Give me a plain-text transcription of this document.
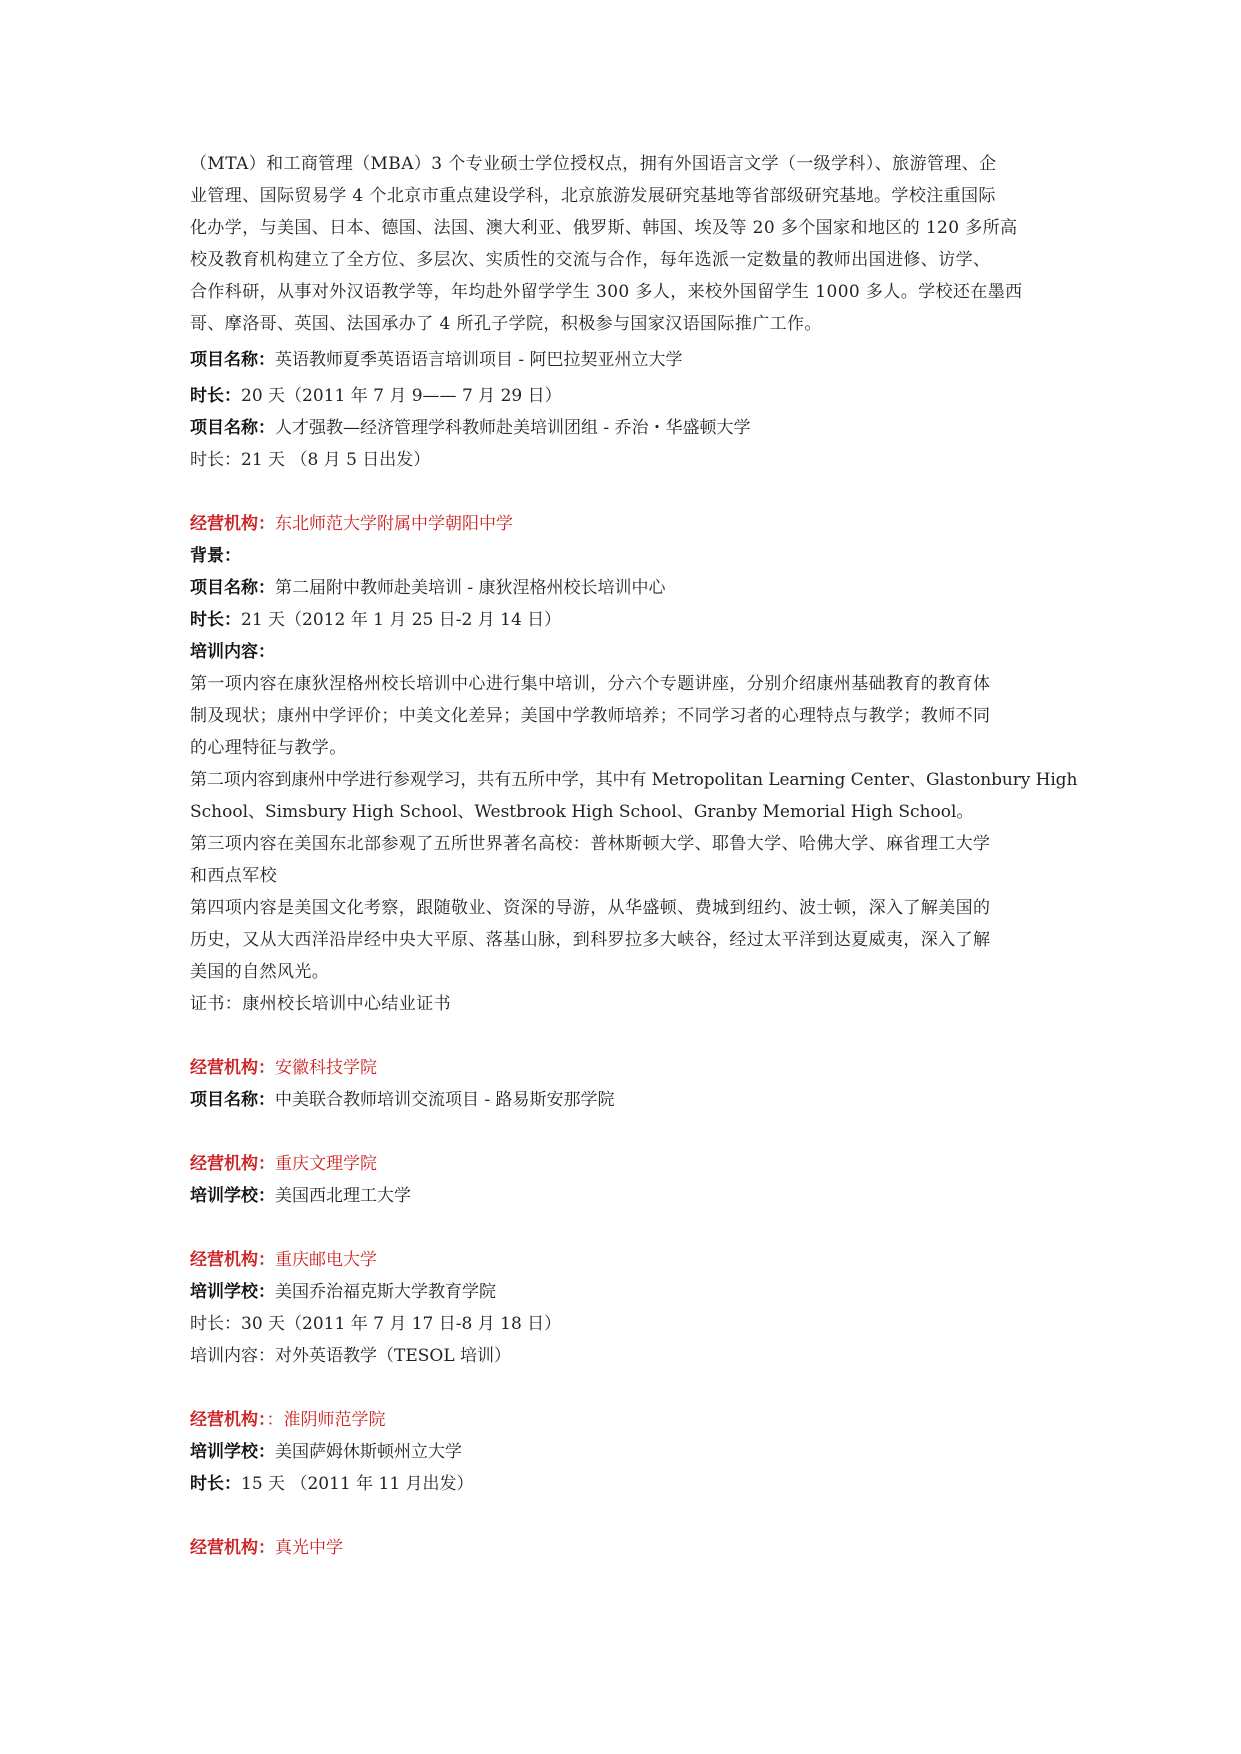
（MTA）和工商管理（MBA）3 个专业硕士学位授权点，拥有外国语言文学（一级学科）、旅游管理、企
业管理、国际贸易学 4 个北京市重点建设学科，北京旅游发展研究基地等省部级研究基地。学校注重国际
化办学，与美国、日本、德国、法国、澳大利亚、俄罗斯、韩国、埃及等 20 多个国家和地区的 120 多所高
校及教育机构建立了全方位、多层次、实质性的交流与合作，每年选派一定数量的教师出国进修、访学、
合作科研，从事对外汉语教学等，年均赴外留学学生 300 多人，来校外国留学生 1000 多人。学校还在墨西
哥、摩洛哥、英国、法国承办了 4 所孔子学院，积极参与国家汉语国际推广工作。
项目名称：英语教师夏季英语语言培训项目 - 阿巴拉契亚州立大学
时长：20 天（2011 年 7 月 9—— 7 月 29 日）
项目名称：人才强教—经济管理学科教师赴美培训团组 - 乔治・华盛顿大学
时长：21 天 （8 月 5 日出发）
经营机构：东北师范大学附属中学朝阳中学
背景：
项目名称：第二届附中教师赴美培训 - 康狄涅格州校长培训中心
时长：21 天（2012 年 1 月 25 日-2 月 14 日）
培训内容：
第一项内容在康狄涅格州校长培训中心进行集中培训，分六个专题讲座，分别介绍康州基础教育的教育体
制及现状；康州中学评价；中美文化差异；美国中学教师培养；不同学习者的心理特点与教学；教师不同
的心理特征与教学。
第二项内容到康州中学进行参观学习，共有五所中学，其中有 Metropolitan Learning Center、Glastonbury High
School、Simsbury High School、Westbrook High School、Granby Memorial High School。
第三项内容在美国东北部参观了五所世界著名高校：普林斯顿大学、耶鲁大学、哈佛大学、麻省理工大学
和西点军校
第四项内容是美国文化考察，跟随敬业、资深的导游，从华盛顿、费城到纽约、波士顿，深入了解美国的
历史，又从大西洋沿岸经中央大平原、落基山脉，到科罗拉多大峡谷，经过太平洋到达夏威夷，深入了解
美国的自然风光。
证书：康州校长培训中心结业证书
经营机构：安徽科技学院
项目名称：中美联合教师培训交流项目 - 路易斯安那学院
经营机构：重庆文理学院
培训学校：美国西北理工大学
经营机构：重庆邮电大学
培训学校：美国乔治福克斯大学教育学院
时长：30 天（2011 年 7 月 17 日-8 月 18 日）
培训内容：对外英语教学（TESOL 培训）
经营机构：：淮阴师范学院
培训学校：美国萨姆休斯顿州立大学
时长：15 天 （2011 年 11 月出发）
经营机构：真光中学
